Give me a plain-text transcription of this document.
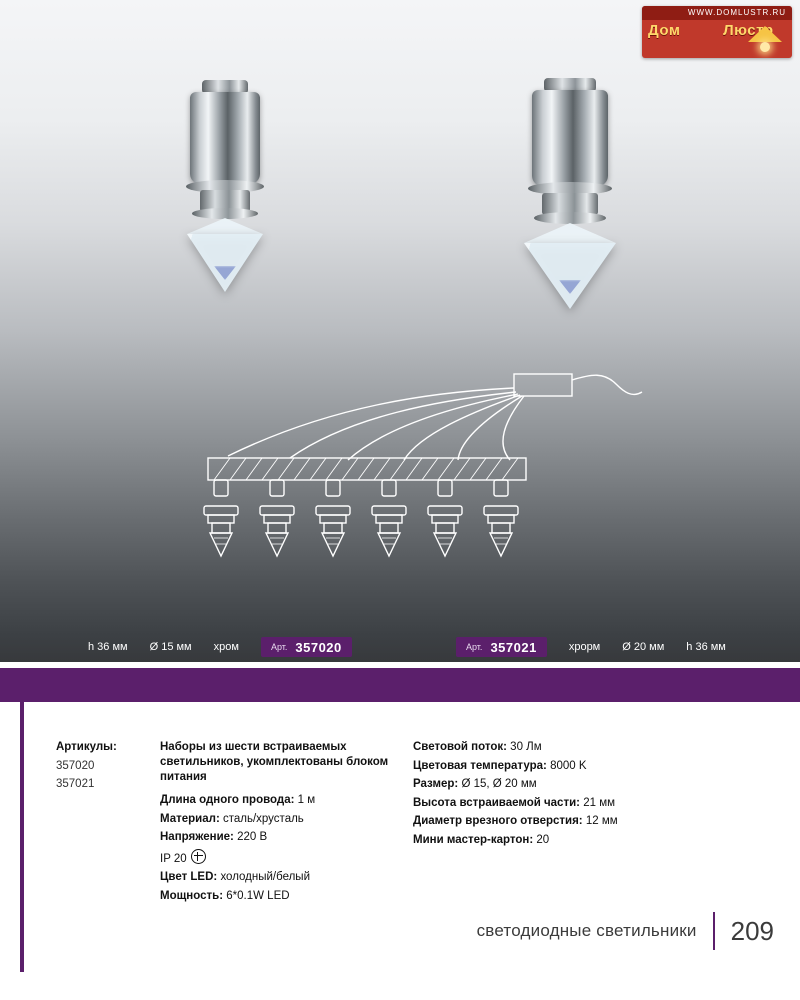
WWW.DOMLUSTR.RU
Дом	Люстр
h 36 мм Ø 15 мм хром	Арт. 357020	Арт. 357021	хрорм Ø 20 мм h 36 мм
Артикулы:
357020
357021
Наборы из шести встраиваемых светильников, укомплектованы блоком питания
Длина одного провода: 1 м
Материал: сталь/хрусталь
Напряжение: 220 В
IP 20
Цвет LED: холодный/белый
Мощность: 6*0.1W LED
Световой поток: 30 Лм
Цветовая температура: 8000 K
Размер: Ø 15, Ø 20 мм
Высота встраиваемой части: 21 мм
Диаметр врезного отверстия: 12 мм
Мини мастер-картон: 20
светодиодные светильники 209
